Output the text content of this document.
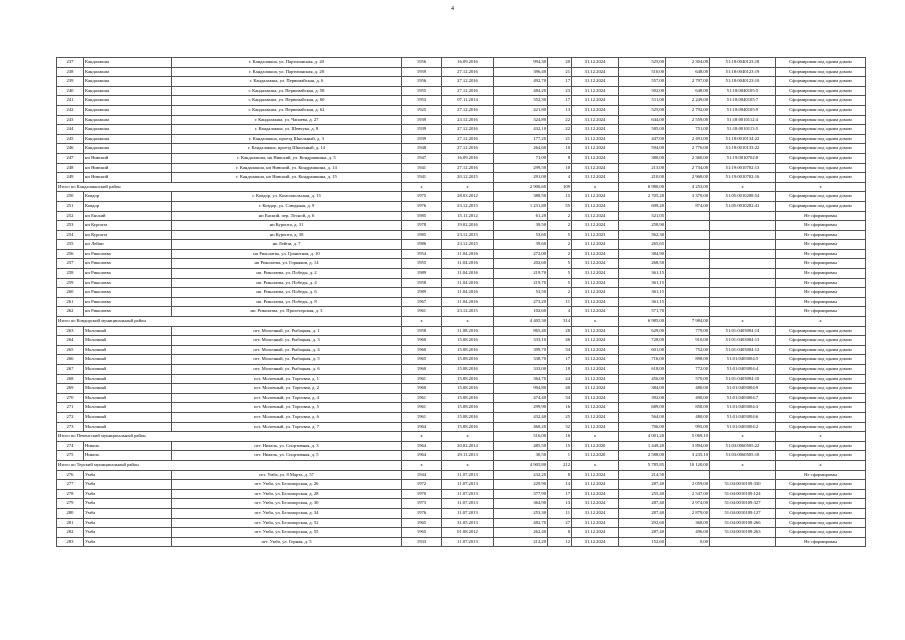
4
237	Кандалакша	г. Кандалакша, ул. Партизанская, д. 20	1956	16.09.2016	994,30	20	31.12.2024	525,00	2 304,00	51:18:0040123:18	Сформирован под одним домом
238	Кандалакша	г. Кандалакша, ул. Партизанская, д. 28	1959	27.12.2016	396,40	21	31.12.2024	510,00	648,00	51:18:0040123:19	Сформирован под одним домом
239	Кандалакша	г. Кандалакша, ул. Первомайская, д. 6	1956	27.12.2016	492,70	17	31.12.2024	557,00	2 797,00	51:18:0040123:10	Сформирован под одним домом
240	Кандалакша	г. Кандалакша, ул. Первомайская, д. 58	1955	27.12.2016	484,20	23	31.12.2024	502,00	648,00	51:18:0040105:5	Сформирован под одним домом
241	Кандалакша	г. Кандалакша, ул. Первомайская, д. 60	1953	07.11.2014	352,30	17	31.12.2024	511,00	2 249,00	51:18:0040105:7	Сформирован под одним домом
242	Кандалакша	г. Кандалакша, ул. Первомайская, д. 62	1925	27.12.2016	421,80	13	31.12.2024	525,00	2 792,00	51:18:0040105:9	Сформирован под одним домом
243	Кандалакша	г. Кандалакша, ул. Чапаева, д. 27	1939	23.12.2016	324,80	22	31.12.2024	644,00	2 559,00	51:18:0010112:4	Сформирован под одним домом
244	Кандалакша	г. Кандалакша, ул. Шевчука, д. 8	1939	27.12.2016	432,10	22	31.12.2024	585,00	751,00	51:18:0010113:5	Сформирован под одним домом
245	Кандалакша	г. Кандалакша, проезд Школьный, д. 3	1939	27.12.2016	177,20	21	31.12.2024	447,00	2 491,00	51:18:0010134:22	Сформирован под одним домом
246	Кандалакша	г. Кандалакша, проезд Школьный, д. 14	1948	27.12.2016	264,60	10	31.12.2024	594,00	2 776,00	51:18:0010133:22	Сформирован под одним домом
247	нп Нивский	г. Кандалакша, нп Нивский, ул. Кондрашкина, д. 5	1947	16.09.2016	71,00	8	31.12.2024	380,00	2 360,00	51:19:0010702:8	Сформирован под одним домом
248	нп Нивский	г. Кандалакша, нп Нивский, ул. Кондрашкина, д. 14	1941	27.12.2016	299,50	10	31.12.2024	213,00	2 734,00	51:19:0010702:13	Сформирован под одним домом
249	нп Нивский	г. Кандалакша, нп Нивский, ул. Кондрашкина, д. 15	1941	20.12.2015	291,00	4	31.12.2024	210,00	2 968,00	51:19:0010702:16	Сформирован под одним домом
Итого по Кандалакшский район			х	х	2 906,60	109	х	6 980,00	4 253,00	х	х
250	Ковдор	г. Ковдор, ул. Комсомольская, д. 13	1975	28.03.2012	388,50	15	31.12.2024	2 705,20	3 379,00	51:05:0010208:54	Сформирован под одним домом
251	Ковдор	г. Ковдор, ул. Слюдяная, д. 9	1976	23.12.2015	1 231,80	55	31.12.2024	699,20	874,00	51:05:0010202:41	Сформирован под одним домом
252	нп Енский	нп Енский, пер. Лесной, д. 6	1985	15.11.2012	61,20	2	31.12.2024	521,05			Не сформирован
253	нп Куропта	нп Куропта, д. 31	1978	19.02.2016	39,50	2	31.12.2024	258,90			Не сформирован
254	нп Куропта	нп Куропта, д. 38	1985	23.12.2015	53,60	5	31.12.2023	562,30			Не сформирован
255	нп Лейпи	нп Лейпи, д. 7	1986	23.12.2015	39,60	2	31.12.2024	265,65			Не сформирован
256	нп Риколатва	нп Риколатва, ул. Гранитная, д. 10	1954	11.04.2016	272,00	2	31.12.2024	384,90			Не сформирован
257	нп Риколатва	нп Риколатва, ул. Горняков, д. 14	1955	11.04.2016	202,60	5	31.12.2024	268,50			Не сформирован
258	нп Риколатва	нп. Риколатва, ул. Победы, д. 2	1989	11.04.2016	219,70	5	31.12.2024	361,15			Не сформирован
259	нп Риколатва	нп. Риколатва, ул. Победы, д. 4	1958	11.04.2016	219,70	5	31.12.2024	361,15			Не сформирован
260	нп Риколатва	нп. Риколатва, ул. Победы, д. 6	1989	11.04.2016	53,50	2	31.12.2024	361,15			Не сформирован
261	нп Риколатва	нп. Риколатва, ул. Победы, д. 8	1967	11.04.2016	273,20	11	31.12.2024	361,15			Не сформирован
262	нп Риколатва	нп. Риколатва, ул. Пролетарская, д. 3	1961	23.12.2015	102,60	4	31.12.2024	571,70			Не сформирован
Итого по Ковдорский муниципальный район			х	х	4 405,30	314	х	6 985,00	7 984,00	х	х
263	Молочный	пгт. Молочный, ул. Рыбацкая, д. 1	1958	11.08.2016	865,40	28	31.12.2024	629,00	779,00	51:01:0403004:14	Сформирован под одним домом
264	Молочный	пгт. Молочный, ул. Рыбацкая, д. 3	1960	15.08.2016	333,10	46	31.12.2024	728,00	910,00	51:01:0403004:13	Сформирован под одним домом
265	Молочный	пгт. Молочный, ул. Рыбацкая, д. 4	1960	15.08.2016	399,70	34	31.12.2024	601,00	752,00	51:01:0403004:12	Сформирован под одним домом
266	Молочный	пгт. Молочный, ул. Рыбацкая, д. 5	1965	15.08.2016	338,70	17	31.12.2024	716,00	898,00	51:01:0403004:5	Сформирован под одним домом
267	Молочный	пгт. Молочный, ул. Рыбацкая, д. 6	1960	15.08.2016	333,00	18	31.12.2024	618,00	772,00	51:01:0403004:4	Сформирован под одним домом
268	Молочный	пгт. Молочный, ул. Торговая, д. 1	1961	15.08.2016	364,70	24	31.12.2024	456,00	570,00	51:01:0403004:10	Сформирован под одним домом
269	Молочный	пгт. Молочный, ул. Торговая, д. 2	1960	15.08.2016	994,80	40	31.12.2024	384,00	480,00	51:01:0403004:9	Сформирован под одним домом
270	Молочный	пгт. Молочный, ул. Торговая, д. 4	1961	15.08.2016	474,40	34	31.12.2024	392,00	490,00	51:01:0403004:7	Сформирован под одним домом
271	Молочный	пгт. Молочный, ул. Торговая, д. 5	1961	15.08.2016	299,90	16	31.12.2024	689,00	858,00	51:01:0403004:3	Сформирован под одним домом
272	Молочный	пгт. Молочный, ул. Торговая, д. 6	1961	15.08.2016	432,40	25	31.12.2024	564,00	480,00	51:01:0403004:6	Сформирован под одним домом
273	Молочный	пгт. Молочный, ул. Торговая, д. 7	1964	15.08.2016	468,20	32	31.12.2024	706,00	995,00	51:01:0403004:2	Сформирован под одним домом
Итого по Печенгский муниципальный район			х	х	516,00	16	х	4 001,20	5 069,10	х	х
274	Никель	пгт. Никель, ул. Спортивная, д. 3	1964	20.02.2014	485,50	15	31.12.2020	1 449,20	3 894,00	51:03:0060505:22	Сформирован под одним домом
275	Никель	пгт. Никель, ул. Спортивная, д. 5	1964	29.11.2013	30,50	1	31.12.2020	2 588,00	3 235,10	51:03:0060505:18	Сформирован под одним домом
Итого по Терский муниципальный район			х	х	4 905,80	212	х	5 785,85	10 120,00	х	х
276	Умба	пгт. Умба, ул. 8 Марта, д. 57	1944	11.07.2013	232,20	8	31.12.2024	214,50			Не сформирован
277	Умба	пгт. Умба, ул. Беломорская, д. 26	1972	11.07.2013	229,90	14	31.12.2024	287,40	2 059,00	51:04:0010109:330	Сформирован под одним домом
278	Умба	пгт. Умба, ул. Беломорская, д. 28	1970	11.07.2013	377,90	17	31.12.2024	255,40	2 547,00	51:04:0010109:124	Сформирован под одним домом
279	Умба	пгт. Умба, ул. Беломорская, д. 30	1973	11.07.2013	364,90	13	31.12.2024	287,40	2 974,00	51:04:0010109:327	Сформирован под одним домом
280	Умба	пгт. Умба, ул. Беломорская, д. 34	1976	11.07.2013	253,30	11	31.12.2024	287,40	2 879,00	51:04:0010109:127	Сформирован под одним домом
281	Умба	пгт. Умба, ул. Беломорская, д. 52	1965	31.05.2013	482,70	27	31.12.2024	292,60	368,00	51:04:0010108:266	Сформирован под одним домом
282	Умба	пгт. Умба, ул. Беломорская, д. 55	1965	01.08.2012	262,40	8	31.12.2024	287,40	496,00	51:04:0010108:263	Сформирован под одним домом
283	Умба	пгт. Умба, ул. Горная, д. 5	1933	11.07.2013	212,20	12	31.12.2024	152,60	0,00		Не сформирован
